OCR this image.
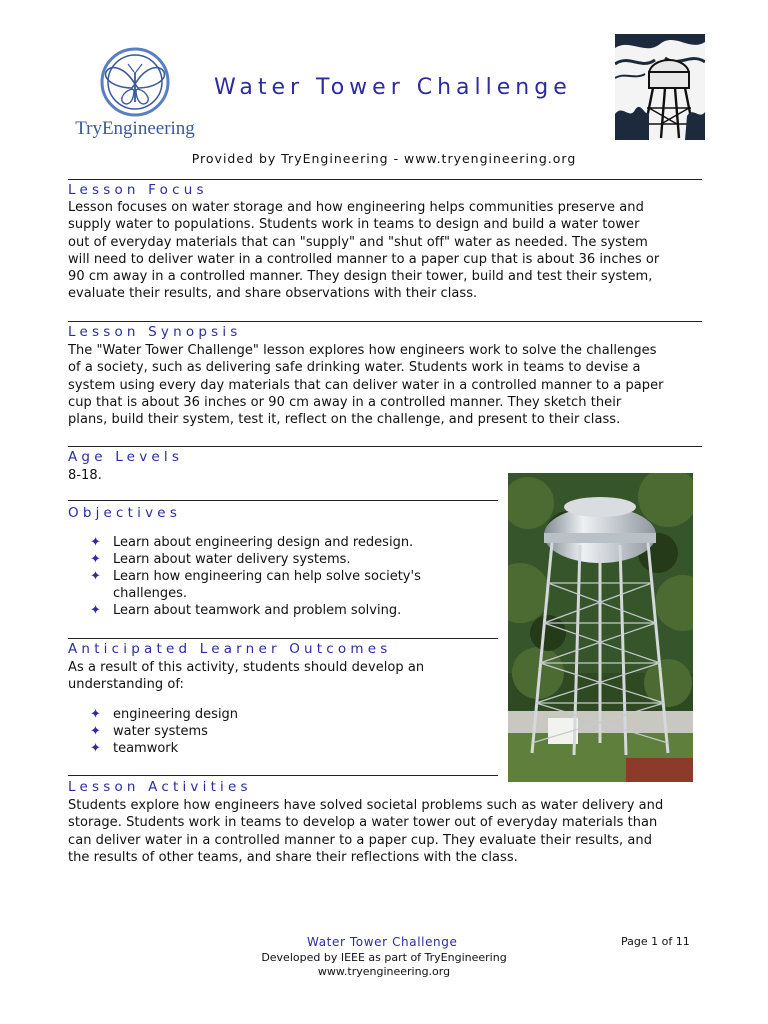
TryEngineering
Water Tower Challenge
Provided by TryEngineering - www.tryengineering.org
Lesson Focus
Lesson focuses on water storage and how engineering helps communities preserve and
supply water to populations. Students work in teams to design and build a water tower
out of everyday materials that can "supply" and "shut off" water as needed. The system
will need to deliver water in a controlled manner to a paper cup that is about 36 inches or
90 cm away in a controlled manner. They design their tower, build and test their system,
evaluate their results, and share observations with their class.
Lesson Synopsis
The "Water Tower Challenge" lesson explores how engineers work to solve the challenges
of a society, such as delivering safe drinking water. Students work in teams to devise a
system using every day materials that can deliver water in a controlled manner to a paper
cup that is about 36 inches or 90 cm away in a controlled manner. They sketch their
plans, build their system, test it, reflect on the challenge, and present to their class.
Age Levels
8-18.
Objectives
✦ Learn about engineering design and redesign.
✦ Learn about water delivery systems.
✦ Learn how engineering can help solve society's
challenges.
✦ Learn about teamwork and problem solving.
Anticipated Learner Outcomes
As a result of this activity, students should develop an
understanding of:
✦ engineering design
✦ water systems
✦ teamwork
Lesson Activities
Students explore how engineers have solved societal problems such as water delivery and
storage. Students work in teams to develop a water tower out of everyday materials than
can deliver water in a controlled manner to a paper cup. They evaluate their results, and
the results of other teams, and share their reflections with the class.
Water Tower Challenge	Page 1 of 11
Developed by IEEE as part of TryEngineering
www.tryengineering.org
